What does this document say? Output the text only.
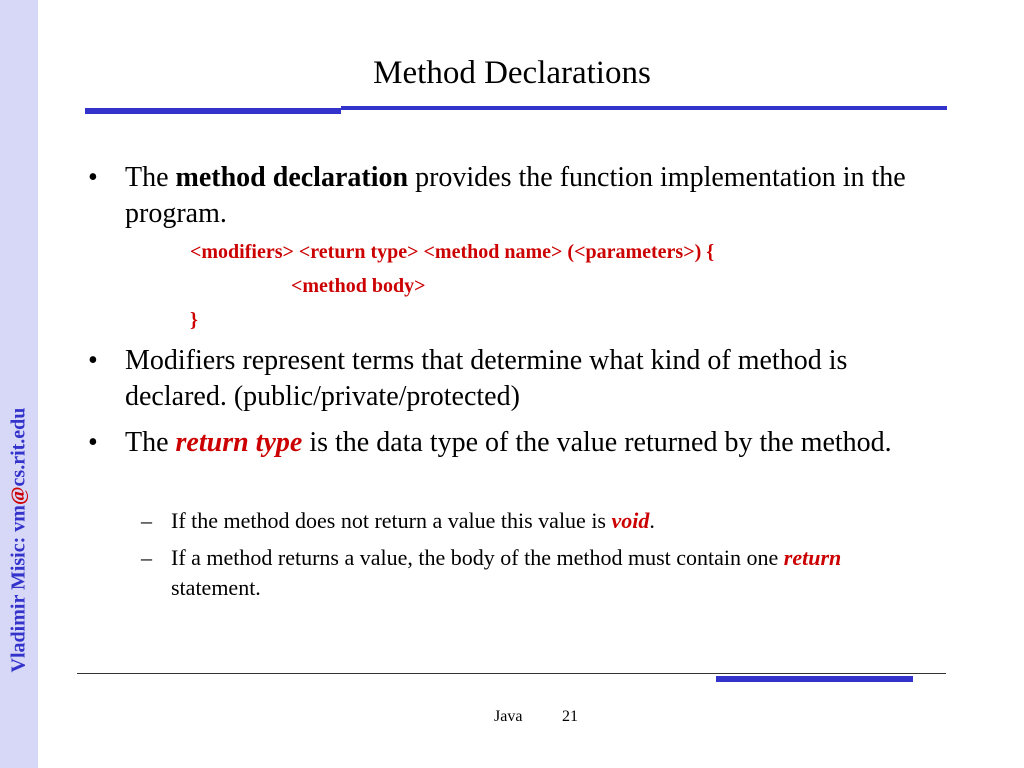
Vladimir Misic: vm@cs.rit.edu
Method Declarations
• The method declaration provides the function implementation in the program.
<modifiers> <return type> <method name> (<parameters>) {
<method body>
}
• Modifiers represent terms that determine what kind of method is declared. (public/private/protected)
• The return type is the data type of the value returned by the method.
– If the method does not return a value this value is void.
– If a method returns a value, the body of the method must contain one return statement.
Java 21
